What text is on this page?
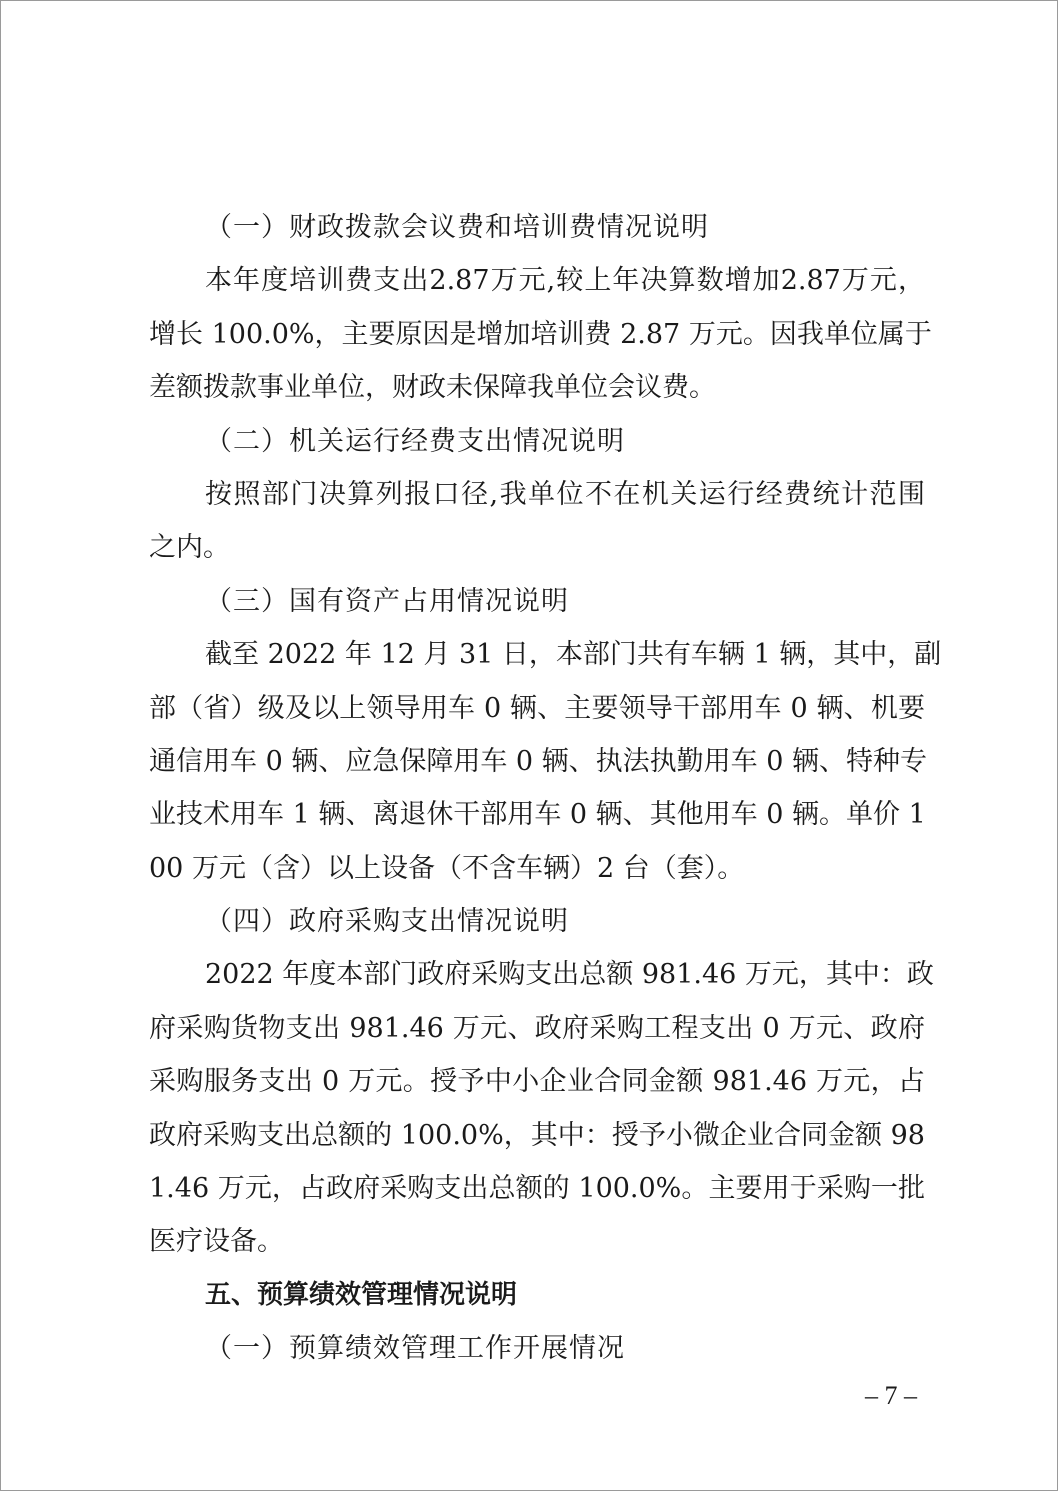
（一）财政拨款会议费和培训费情况说明
本年度培训费支出2.87万元,较上年决算数增加2.87万元，
增长 100.0%，主要原因是增加培训费 2.87 万元。因我单位属于
差额拨款事业单位，财政未保障我单位会议费。
（二）机关运行经费支出情况说明
按照部门决算列报口径,我单位不在机关运行经费统计范围
之内。
（三）国有资产占用情况说明
截至 2022 年 12 月 31 日，本部门共有车辆 1 辆，其中，副
部（省）级及以上领导用车 0 辆、主要领导干部用车 0 辆、机要
通信用车 0 辆、应急保障用车 0 辆、执法执勤用车 0 辆、特种专
业技术用车 1 辆、离退休干部用车 0 辆、其他用车 0 辆。单价 1
00 万元（含）以上设备（不含车辆）2 台（套）。
（四）政府采购支出情况说明
2022 年度本部门政府采购支出总额 981.46 万元，其中：政
府采购货物支出 981.46 万元、政府采购工程支出 0 万元、政府
采购服务支出 0 万元。授予中小企业合同金额 981.46 万元，占
政府采购支出总额的 100.0%，其中：授予小微企业合同金额 98
1.46 万元，占政府采购支出总额的 100.0%。主要用于采购一批
医疗设备。
五、预算绩效管理情况说明
（一）预算绩效管理工作开展情况
– 7 –
